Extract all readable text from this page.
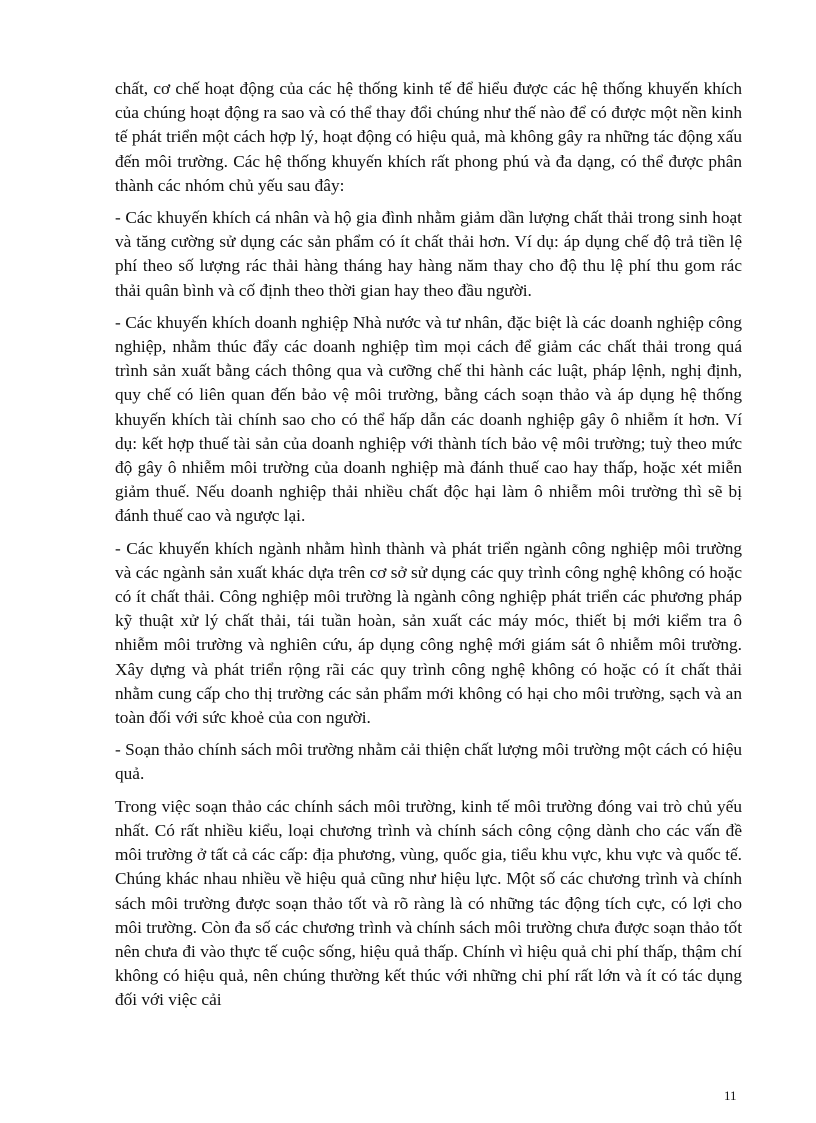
chất, cơ chế hoạt động của các hệ thống kinh tế để hiểu được các hệ thống khuyến khích của chúng hoạt động ra sao và có thể thay đổi chúng như thế nào để có được một nền kinh tế phát triển một cách hợp lý, hoạt động có hiệu quả, mà không gây ra những tác động xấu đến môi trường. Các hệ thống khuyến khích rất phong phú và đa dạng, có thể được phân thành các nhóm chủ yếu sau đây:

- Các khuyến khích cá nhân và hộ gia đình nhằm giảm dần lượng chất thải trong sinh hoạt và tăng cường sử dụng các sản phẩm có ít chất thải hơn. Ví dụ: áp dụng chế độ trả tiền lệ phí theo số lượng rác thải hàng tháng hay hàng năm thay cho độ thu lệ phí thu gom rác thải quân bình và cố định theo thời gian hay theo đầu người.

- Các khuyến khích doanh nghiệp Nhà nước và tư nhân, đặc biệt là các doanh nghiệp công nghiệp, nhằm thúc đẩy các doanh nghiệp tìm mọi cách để giảm các chất thải trong quá trình sản xuất bằng cách thông qua và cưỡng chế thi hành các luật, pháp lệnh, nghị định, quy chế có liên quan đến bảo vệ môi trường, bằng cách soạn thảo và áp dụng hệ thống khuyến khích tài chính sao cho có thể hấp dẫn các doanh nghiệp gây ô nhiễm ít hơn. Ví dụ: kết hợp thuế tài sản của doanh nghiệp với thành tích bảo vệ môi trường; tuỳ theo mức độ gây ô nhiễm môi trường của doanh nghiệp mà đánh thuế cao hay thấp, hoặc xét miễn giảm thuế. Nếu doanh nghiệp thải nhiều chất độc hại làm ô nhiễm môi trường thì sẽ bị đánh thuế cao và ngược lại.

- Các khuyến khích ngành nhằm hình thành và phát triển ngành công nghiệp môi trường và các ngành sản xuất khác dựa trên cơ sở sử dụng các quy trình công nghệ không có hoặc có ít chất thải. Công nghiệp môi trường là ngành công nghiệp phát triển các phương pháp kỹ thuật xử lý chất thải, tái tuần hoàn, sản xuất các máy móc, thiết bị mới kiểm tra ô nhiễm môi trường và nghiên cứu, áp dụng công nghệ mới giám sát ô nhiễm môi trường. Xây dựng và phát triển rộng rãi các quy trình công nghệ không có hoặc có ít chất thải nhằm cung cấp cho thị trường các sản phẩm mới không có hại cho môi trường, sạch và an toàn đối với sức khoẻ của con người.

- Soạn thảo chính sách môi trường nhằm cải thiện chất lượng môi trường một cách có hiệu quả.

Trong việc soạn thảo các chính sách môi trường, kinh tế môi trường đóng vai trò chủ yếu nhất. Có rất nhiều kiểu, loại chương trình và chính sách công cộng dành cho các vấn đề môi trường ở tất cả các cấp: địa phương, vùng, quốc gia, tiểu khu vực, khu vực và quốc tế. Chúng khác nhau nhiều về hiệu quả cũng như hiệu lực. Một số các chương trình và chính sách môi trường được soạn thảo tốt và rõ ràng là có những tác động tích cực, có lợi cho môi trường. Còn đa số các chương trình và chính sách môi trường chưa được soạn thảo tốt nên chưa đi vào thực tế cuộc sống, hiệu quả thấp. Chính vì hiệu quả chi phí thấp, thậm chí không có hiệu quả, nên chúng thường kết thúc với những chi phí rất lớn và ít có tác dụng đối với việc cải

11
